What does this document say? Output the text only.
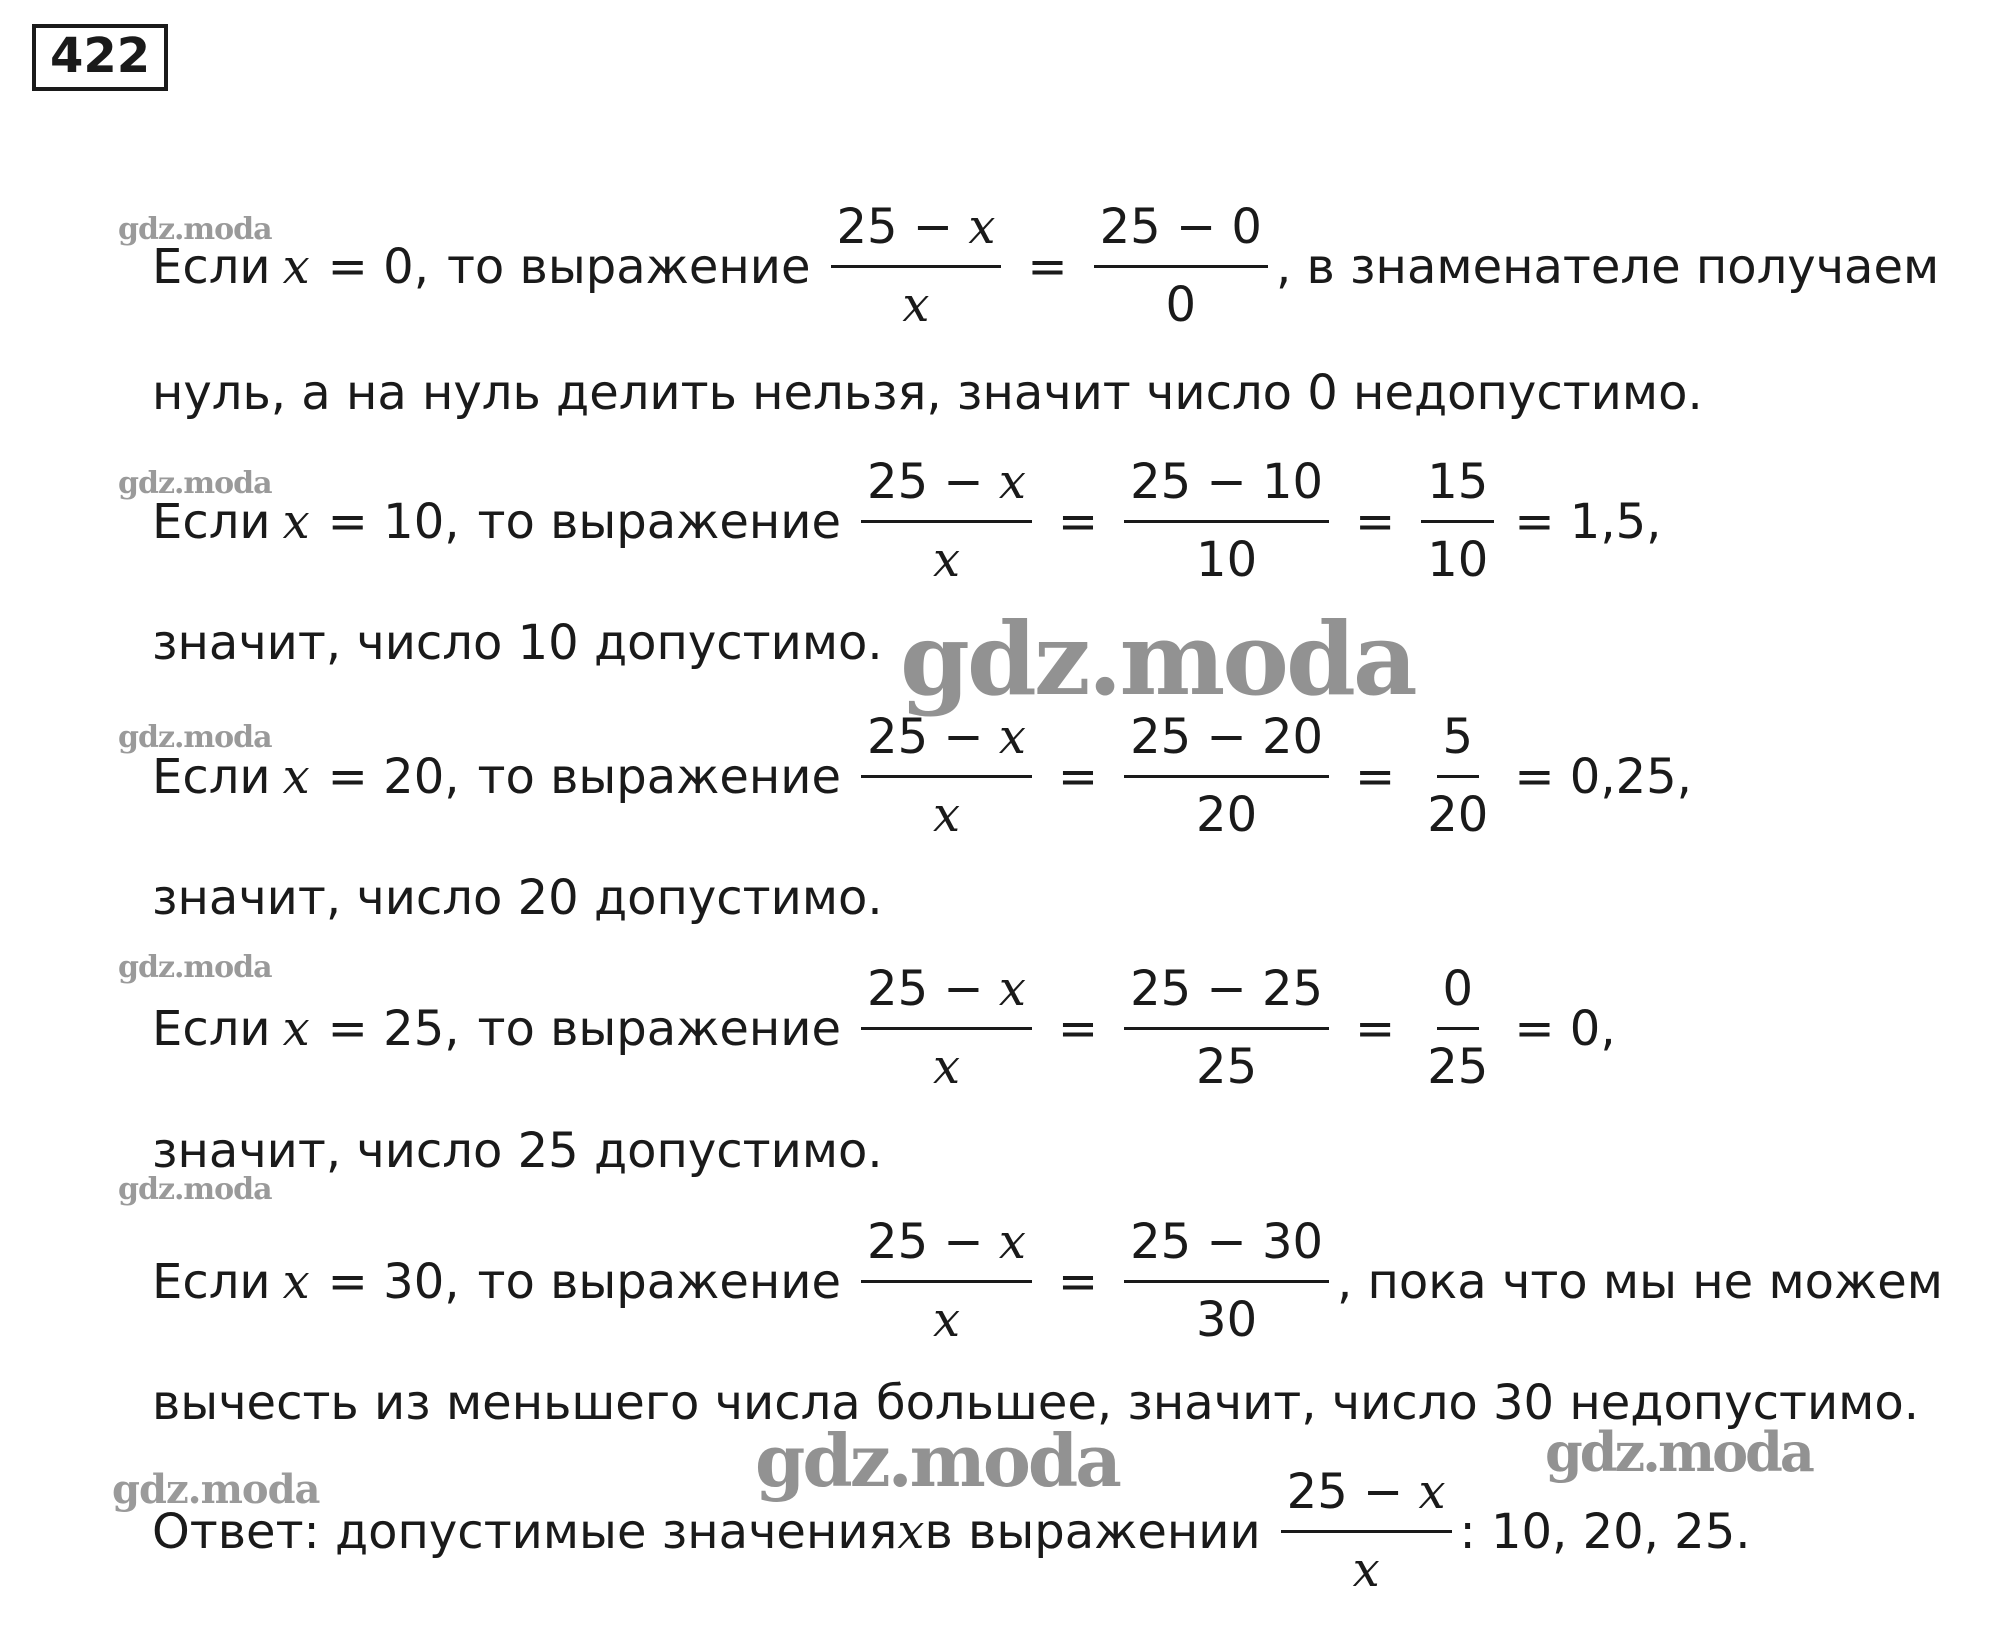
422
Если x = 0, то выражение $\frac{25 - x}{x} = \frac{25 - 0}{0}$ , в знаменателе получаем
нуль, а на нуль делить нельзя, значит число 0 недопустимо.
Если x = 10, то выражение $\frac{25 - x}{x} = \frac{25 - 10}{10} = \frac{15}{10} = 1,5$,
значит, число 10 допустимо.
Если x = 20, то выражение $\frac{25 - x}{x} = \frac{25 - 20}{20} = \frac{5}{20} = 0,25$,
значит, число 20 допустимо.
Если x = 25, то выражение $\frac{25 - x}{x} = \frac{25 - 25}{25} = \frac{0}{25} = 0$,
значит, число 25 допустимо.
Если x = 30, то выражение $\frac{25 - x}{x} = \frac{25 - 30}{30}$ , пока что мы не можем
вычесть из меньшего числа большее, значит, число 30 недопустимо.
Ответ: допустимые значения x в выражении $\frac{25 - x}{x}$ : 10, 20, 25.
gdz.moda
gdz.moda
gdz.moda
gdz.moda
gdz.moda
gdz.moda
gdz.moda
gdz.moda	gdz.moda
